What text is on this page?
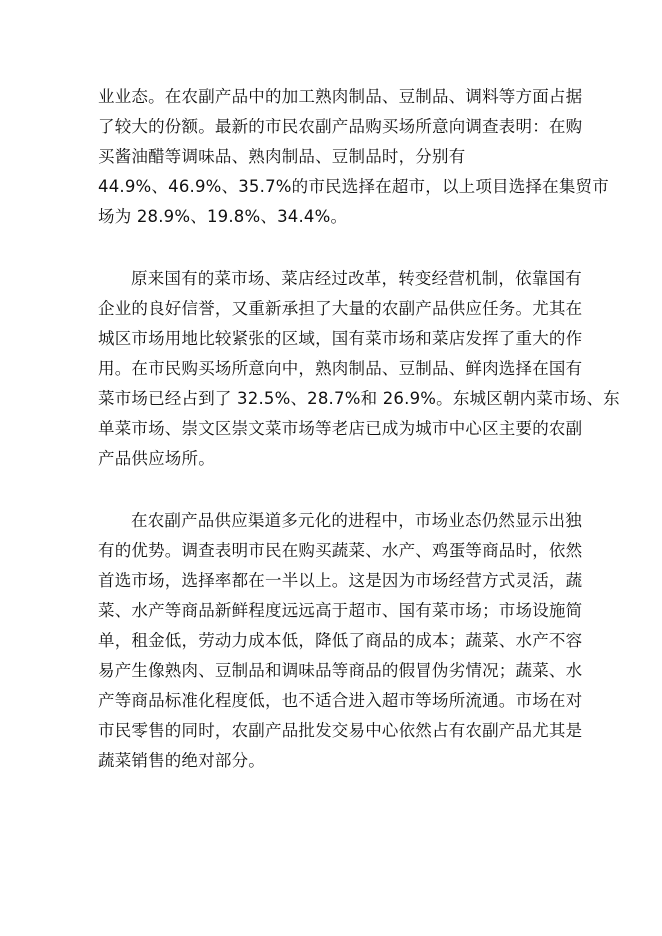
业业态。在农副产品中的加工熟肉制品、豆制品、调料等方面占据
了较大的份额。最新的市民农副产品购买场所意向调查表明：在购
买酱油醋等调味品、熟肉制品、豆制品时，分别有
44.9%、46.9%、35.7%的市民选择在超市，以上项目选择在集贸市
场为 28.9%、19.8%、34.4%。
原来国有的菜市场、菜店经过改革，转变经营机制，依靠国有
企业的良好信誉，又重新承担了大量的农副产品供应任务。尤其在
城区市场用地比较紧张的区域，国有菜市场和菜店发挥了重大的作
用。在市民购买场所意向中，熟肉制品、豆制品、鲜肉选择在国有
菜市场已经占到了 32.5%、28.7%和 26.9%。东城区朝内菜市场、东
单菜市场、崇文区崇文菜市场等老店已成为城市中心区主要的农副
产品供应场所。
在农副产品供应渠道多元化的进程中，市场业态仍然显示出独
有的优势。调查表明市民在购买蔬菜、水产、鸡蛋等商品时，依然
首选市场，选择率都在一半以上。这是因为市场经营方式灵活，蔬
菜、水产等商品新鲜程度远远高于超市、国有菜市场；市场设施简
单，租金低，劳动力成本低，降低了商品的成本；蔬菜、水产不容
易产生像熟肉、豆制品和调味品等商品的假冒伪劣情况；蔬菜、水
产等商品标准化程度低，也不适合进入超市等场所流通。市场在对
市民零售的同时，农副产品批发交易中心依然占有农副产品尤其是
蔬菜销售的绝对部分。
